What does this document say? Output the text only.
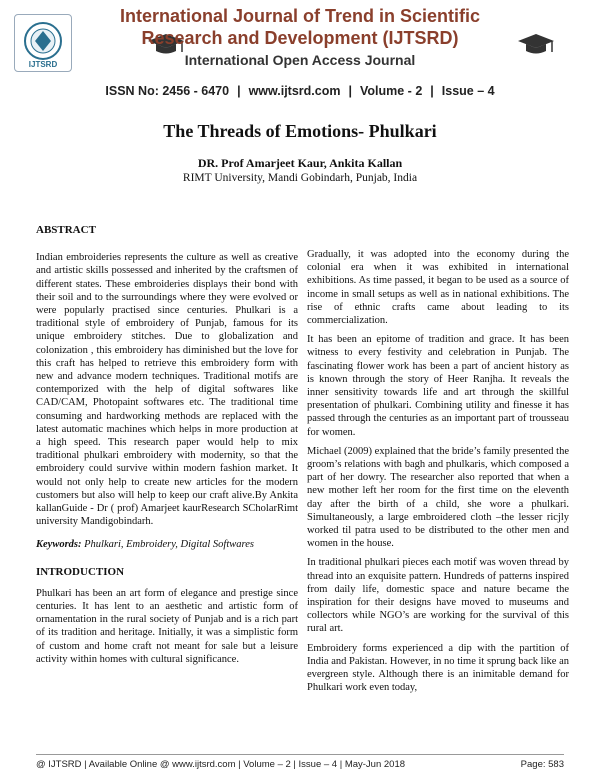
IJTSRD
International Journal of Trend in Scientific
Research and Development (IJTSRD)
International Open Access Journal
ISSN No: 2456 - 6470 | www.ijtsrd.com | Volume - 2 | Issue – 4
The Threads of Emotions- Phulkari
DR. Prof Amarjeet Kaur, Ankita Kallan
RIMT University, Mandi Gobindarh, Punjab, India
ABSTRACT

Indian embroideries represents the culture as well as creative and artistic skills possessed and inherited by the craftsmen of different states. These embroideries displays their bond with their soil and to the surroundings where they were evolved or were popularly practised since centuries. Phulkari is a traditional style of embroidery of Punjab, famous for its unique embroidery stitches. Due to globalization and colonization , this embroidery has diminished but the love for this craft has helped to retrieve this embroidery form with new and advance modern techniques. Traditional motifs are contemporized with the help of digital softwares like CAD/CAM, Photopaint softwares etc. The traditional time consuming and hardworking methods are replaced with the latest automatic machines which helps in more production at a high speed. This research paper would help to mix traditional phulkari embroidery with modernity, so that the embroidery could survive within modern fashion market. It would not only help to create new articles for the modern customers but also will help to keep our craft alive.By Ankita kallanGuide - Dr ( prof) Amarjeet kaurResearch SCholarRimt university Mandigobindarh.

Keywords: Phulkari, Embroidery, Digital Softwares

INTRODUCTION

Phulkari has been an art form of elegance and prestige since centuries. It has lent to an aesthetic and artistic form of ornamentation in the rural society of Punjab and is a rich part of its tradition and heritage. Initially, it was a simplistic form of custom and home craft not meant for sale but a leisure activity within homes with cultural significance.

Gradually, it was adopted into the economy during the colonial era when it was exhibited in international exhibitions. As time passed, it began to be used as a source of income in small setups as well as in national exhibitions. The rise of ethnic crafts came about leading to its commercialization.

It has been an epitome of tradition and grace. It has been witness to every festivity and celebration in Punjab. The fascinating flower work has been a part of ancient history as is known through the story of Heer Ranjha. It reveals the inner sensitivity towards life and art through the skillful presentation of phulkari. Combining utility and finesse it has passed through the centuries as an important part of trousseau for women.

Michael (2009) explained that the bride’s family presented the groom’s relations with bagh and phulkaris, which composed a part of her dowry. The researcher also reported that when a new mother left her room for the first time on the eleventh day after the birth of a child, she wore a phulkari. Simultaneously, a large embroidered cloth –the lesser ricjly worked til patra used to be distributed to the other men and women in the house.

In traditional phulkari pieces each motif was woven thread by thread into an exquisite pattern. Hundreds of patterns inspired from daily life, domestic space and nature became the inspiration for their designs have moved to museums and collectors while NGO’s are working for the survival of this rural art.

Embroidery forms experienced a dip with the partition of India and Pakistan. However, in no time it sprung back like an evergreen style. Although there is an inimitable demand for Phulkari work even today,

@ IJTSRD | Available Online @ www.ijtsrd.com | Volume – 2 | Issue – 4 | May-Jun 2018	Page: 583
